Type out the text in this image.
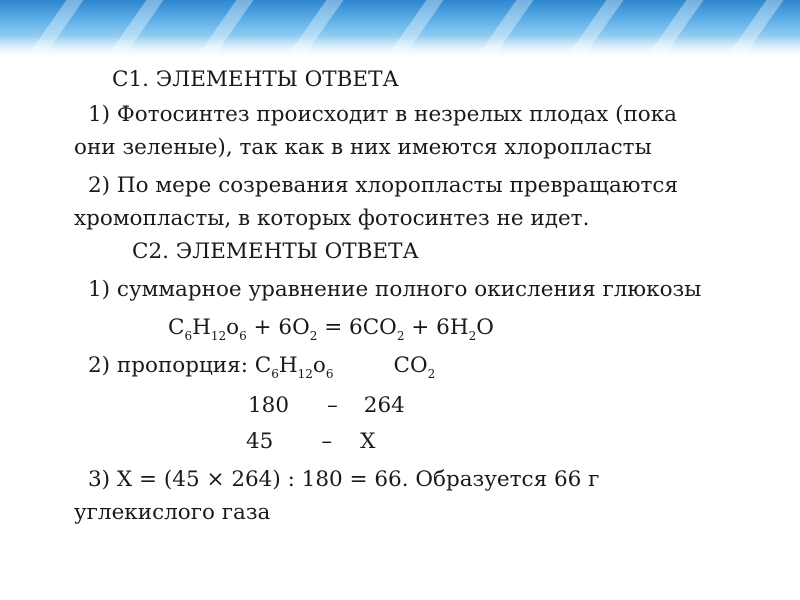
С1. ЭЛЕМЕНТЫ ОТВЕТА
1) Фотосинтез происходит в незрелых плодах (пока
они зеленые), так как в них имеются хлоропласты
2) По мере созревания хлоропласты превращаются
хромопласты, в которых фотосинтез не идет.
С2. ЭЛЕМЕНТЫ ОТВЕТА
1) суммарное уравнение полного окисления глюкозы
$С_6Н_{12}о_6 + 6О_2 = 6СО_2 + 6Н_2О$
2) пропорция: $С_6Н_{12}о_6$	$СО_2$
180 – 264
45 – Х
3) Х = (45 × 264) : 180 = 66. Образуется 66 г
углекислого газа
